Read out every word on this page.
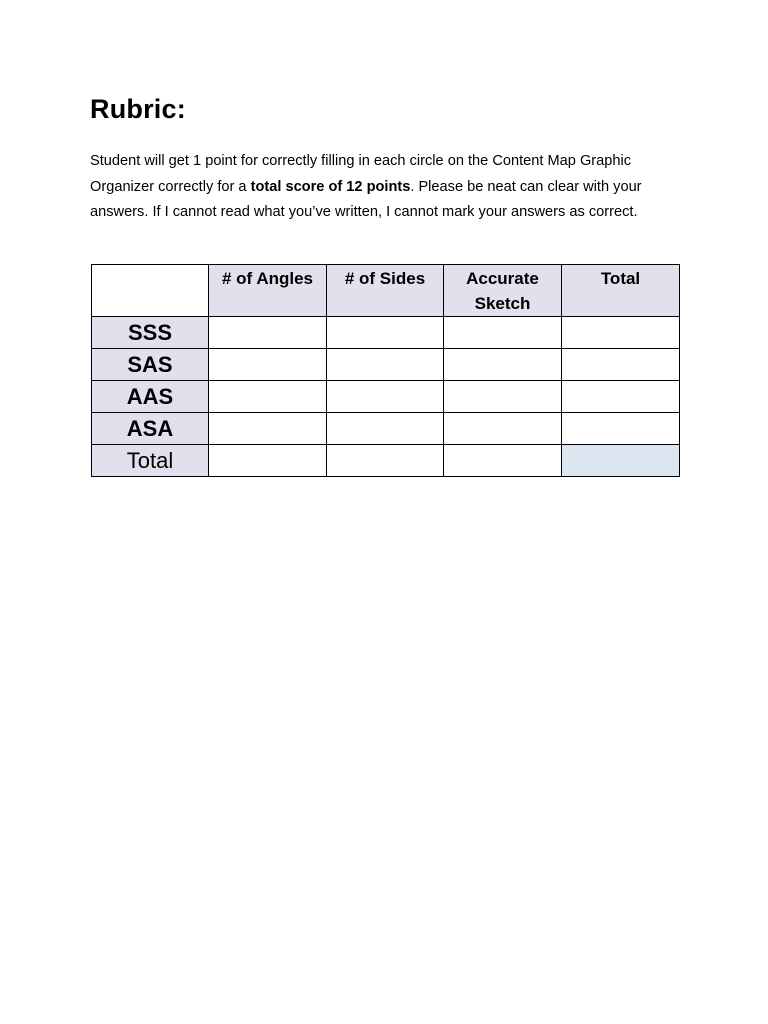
Rubric:

Student will get 1 point for correctly filling in each circle on the Content Map Graphic Organizer correctly for a total score of 12 points. Please be neat can clear with your answers. If I cannot read what you’ve written, I cannot mark your answers as correct.

	# of Angles	# of Sides	Accurate Sketch	Total
SSS				
SAS				
AAS				
ASA				
Total				
